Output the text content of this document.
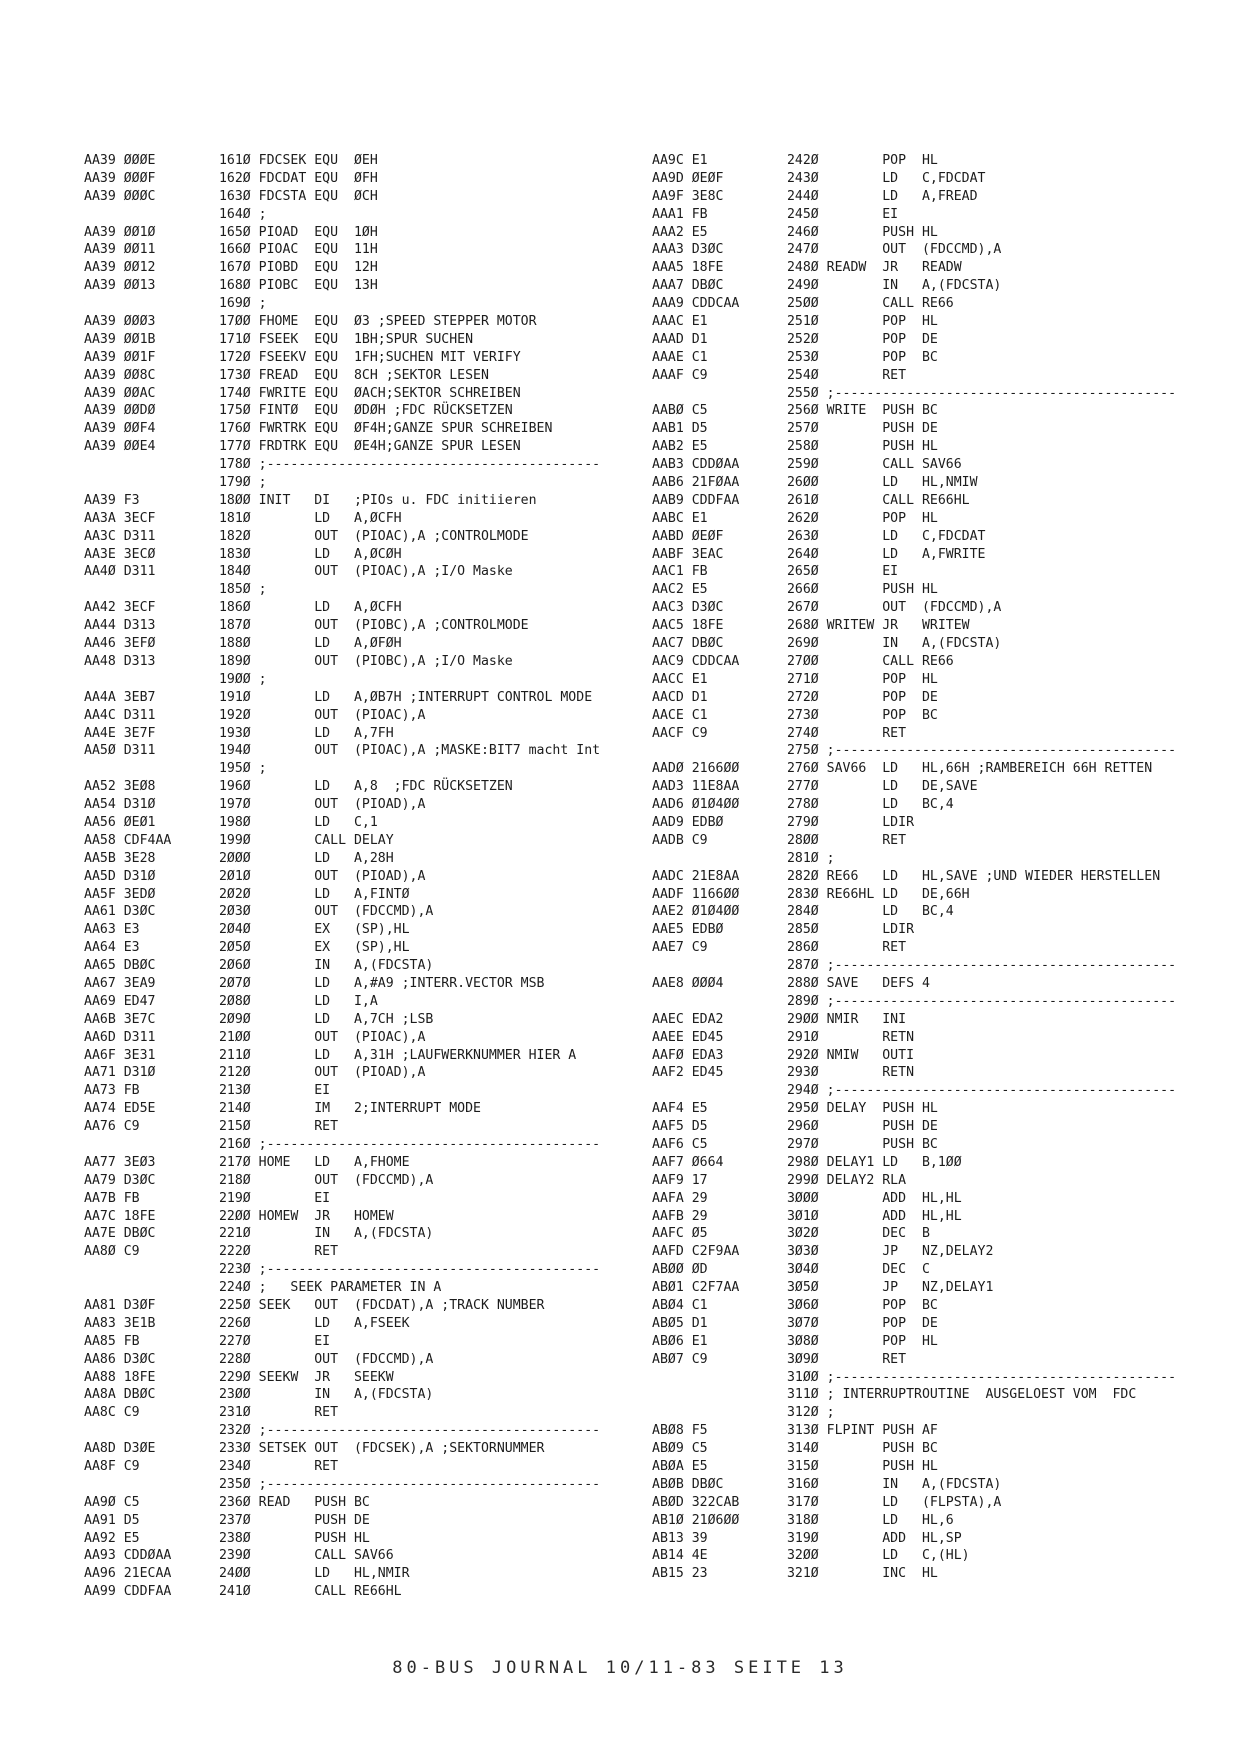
AA39 ØØØE        161Ø FDCSEK EQU  ØEH
AA39 ØØØF        162Ø FDCDAT EQU  ØFH
AA39 ØØØC        163Ø FDCSTA EQU  ØCH
164Ø ;
AA39 ØØ1Ø        165Ø PIOAD  EQU  1ØH
AA39 ØØ11        166Ø PIOAC  EQU  11H
AA39 ØØ12        167Ø PIOBD  EQU  12H
AA39 ØØ13        168Ø PIOBC  EQU  13H
169Ø ;
AA39 ØØØ3        17ØØ FHOME  EQU  Ø3 ;SPEED STEPPER MOTOR
AA39 ØØ1B        171Ø FSEEK  EQU  1BH;SPUR SUCHEN
AA39 ØØ1F        172Ø FSEEKV EQU  1FH;SUCHEN MIT VERIFY
AA39 ØØ8C        173Ø FREAD  EQU  8CH ;SEKTOR LESEN
AA39 ØØAC        174Ø FWRITE EQU  ØACH;SEKTOR SCHREIBEN
AA39 ØØDØ        175Ø FINTØ  EQU  ØDØH ;FDC RÜCKSETZEN
AA39 ØØF4        176Ø FWRTRK EQU  ØF4H;GANZE SPUR SCHREIBEN
AA39 ØØE4        177Ø FRDTRK EQU  ØE4H;GANZE SPUR LESEN
178Ø ;------------------------------------------
179Ø ;
AA39 F3          18ØØ INIT   DI   ;PIOs u. FDC initiieren
AA3A 3ECF        181Ø        LD   A,ØCFH
AA3C D311        182Ø        OUT  (PIOAC),A ;CONTROLMODE
AA3E 3ECØ        183Ø        LD   A,ØCØH
AA4Ø D311        184Ø        OUT  (PIOAC),A ;I/O Maske
185Ø ;
AA42 3ECF        186Ø        LD   A,ØCFH
AA44 D313        187Ø        OUT  (PIOBC),A ;CONTROLMODE
AA46 3EFØ        188Ø        LD   A,ØFØH
AA48 D313        189Ø        OUT  (PIOBC),A ;I/O Maske
19ØØ ;
AA4A 3EB7        191Ø        LD   A,ØB7H ;INTERRUPT CONTROL MODE
AA4C D311        192Ø        OUT  (PIOAC),A
AA4E 3E7F        193Ø        LD   A,7FH
AA5Ø D311        194Ø        OUT  (PIOAC),A ;MASKE:BIT7 macht Int
195Ø ;
AA52 3EØ8        196Ø        LD   A,8  ;FDC RÜCKSETZEN
AA54 D31Ø        197Ø        OUT  (PIOAD),A
AA56 ØEØ1        198Ø        LD   C,1
AA58 CDF4AA      199Ø        CALL DELAY
AA5B 3E28        2ØØØ        LD   A,28H
AA5D D31Ø        2Ø1Ø        OUT  (PIOAD),A
AA5F 3EDØ        2Ø2Ø        LD   A,FINTØ
AA61 D3ØC        2Ø3Ø        OUT  (FDCCMD),A
AA63 E3          2Ø4Ø        EX   (SP),HL
AA64 E3          2Ø5Ø        EX   (SP),HL
AA65 DBØC        2Ø6Ø        IN   A,(FDCSTA)
AA67 3EA9        2Ø7Ø        LD   A,#A9 ;INTERR.VECTOR MSB
AA69 ED47        2Ø8Ø        LD   I,A
AA6B 3E7C        2Ø9Ø        LD   A,7CH ;LSB
AA6D D311        21ØØ        OUT  (PIOAC),A
AA6F 3E31        211Ø        LD   A,31H ;LAUFWERKNUMMER HIER A
AA71 D31Ø        212Ø        OUT  (PIOAD),A
AA73 FB          213Ø        EI
AA74 ED5E        214Ø        IM   2;INTERRUPT MODE
AA76 C9          215Ø        RET
216Ø ;------------------------------------------
AA77 3EØ3        217Ø HOME   LD   A,FHOME
AA79 D3ØC        218Ø        OUT  (FDCCMD),A
AA7B FB          219Ø        EI
AA7C 18FE        22ØØ HOMEW  JR   HOMEW
AA7E DBØC        221Ø        IN   A,(FDCSTA)
AA8Ø C9          222Ø        RET
223Ø ;------------------------------------------
224Ø ;   SEEK PARAMETER IN A
AA81 D3ØF        225Ø SEEK   OUT  (FDCDAT),A ;TRACK NUMBER
AA83 3E1B        226Ø        LD   A,FSEEK
AA85 FB          227Ø        EI
AA86 D3ØC        228Ø        OUT  (FDCCMD),A
AA88 18FE        229Ø SEEKW  JR   SEEKW
AA8A DBØC        23ØØ        IN   A,(FDCSTA)
AA8C C9          231Ø        RET
232Ø ;------------------------------------------
AA8D D3ØE        233Ø SETSEK OUT  (FDCSEK),A ;SEKTORNUMMER
AA8F C9          234Ø        RET
235Ø ;------------------------------------------
AA9Ø C5          236Ø READ   PUSH BC
AA91 D5          237Ø        PUSH DE
AA92 E5          238Ø        PUSH HL
AA93 CDDØAA      239Ø        CALL SAV66
AA96 21ECAA      24ØØ        LD   HL,NMIR
AA99 CDDFAA      241Ø        CALL RE66HL
AA9C E1          242Ø        POP  HL
AA9D ØEØF        243Ø        LD   C,FDCDAT
AA9F 3E8C        244Ø        LD   A,FREAD
AAA1 FB          245Ø        EI
AAA2 E5          246Ø        PUSH HL
AAA3 D3ØC        247Ø        OUT  (FDCCMD),A
AAA5 18FE        248Ø READW  JR   READW
AAA7 DBØC        249Ø        IN   A,(FDCSTA)
AAA9 CDDCAA      25ØØ        CALL RE66
AAAC E1          251Ø        POP  HL
AAAD D1          252Ø        POP  DE
AAAE C1          253Ø        POP  BC
AAAF C9          254Ø        RET
255Ø ;-------------------------------------------
AABØ C5          256Ø WRITE  PUSH BC
AAB1 D5          257Ø        PUSH DE
AAB2 E5          258Ø        PUSH HL
AAB3 CDDØAA      259Ø        CALL SAV66
AAB6 21FØAA      26ØØ        LD   HL,NMIW
AAB9 CDDFAA      261Ø        CALL RE66HL
AABC E1          262Ø        POP  HL
AABD ØEØF        263Ø        LD   C,FDCDAT
AABF 3EAC        264Ø        LD   A,FWRITE
AAC1 FB          265Ø        EI
AAC2 E5          266Ø        PUSH HL
AAC3 D3ØC        267Ø        OUT  (FDCCMD),A
AAC5 18FE        268Ø WRITEW JR   WRITEW
AAC7 DBØC        269Ø        IN   A,(FDCSTA)
AAC9 CDDCAA      27ØØ        CALL RE66
AACC E1          271Ø        POP  HL
AACD D1          272Ø        POP  DE
AACE C1          273Ø        POP  BC
AACF C9          274Ø        RET
275Ø ;-------------------------------------------
AADØ 2166ØØ      276Ø SAV66  LD   HL,66H ;RAMBEREICH 66H RETTEN
AAD3 11E8AA      277Ø        LD   DE,SAVE
AAD6 Ø1Ø4ØØ      278Ø        LD   BC,4
AAD9 EDBØ        279Ø        LDIR
AADB C9          28ØØ        RET
281Ø ;
AADC 21E8AA      282Ø RE66   LD   HL,SAVE ;UND WIEDER HERSTELLEN
AADF 1166ØØ      283Ø RE66HL LD   DE,66H
AAE2 Ø1Ø4ØØ      284Ø        LD   BC,4
AAE5 EDBØ        285Ø        LDIR
AAE7 C9          286Ø        RET
287Ø ;-------------------------------------------
AAE8 ØØØ4        288Ø SAVE   DEFS 4
289Ø ;-------------------------------------------
AAEC EDA2        29ØØ NMIR   INI
AAEE ED45        291Ø        RETN
AAFØ EDA3        292Ø NMIW   OUTI
AAF2 ED45        293Ø        RETN
294Ø ;-------------------------------------------
AAF4 E5          295Ø DELAY  PUSH HL
AAF5 D5          296Ø        PUSH DE
AAF6 C5          297Ø        PUSH BC
AAF7 Ø664        298Ø DELAY1 LD   B,1ØØ
AAF9 17          299Ø DELAY2 RLA
AAFA 29          3ØØØ        ADD  HL,HL
AAFB 29          3Ø1Ø        ADD  HL,HL
AAFC Ø5          3Ø2Ø        DEC  B
AAFD C2F9AA      3Ø3Ø        JP   NZ,DELAY2
ABØØ ØD          3Ø4Ø        DEC  C
ABØ1 C2F7AA      3Ø5Ø        JP   NZ,DELAY1
ABØ4 C1          3Ø6Ø        POP  BC
ABØ5 D1          3Ø7Ø        POP  DE
ABØ6 E1          3Ø8Ø        POP  HL
ABØ7 C9          3Ø9Ø        RET
31ØØ ;-------------------------------------------
311Ø ; INTERRUPTROUTINE  AUSGELOEST VOM  FDC
312Ø ;
ABØ8 F5          313Ø FLPINT PUSH AF
ABØ9 C5          314Ø        PUSH BC
ABØA E5          315Ø        PUSH HL
ABØB DBØC        316Ø        IN   A,(FDCSTA)
ABØD 322CAB      317Ø        LD   (FLPSTA),A
AB1Ø 21Ø6ØØ      318Ø        LD   HL,6
AB13 39          319Ø        ADD  HL,SP
AB14 4E          32ØØ        LD   C,(HL)
AB15 23          321Ø        INC  HL
80-BUS JOURNAL 10/11-83 SEITE 13
